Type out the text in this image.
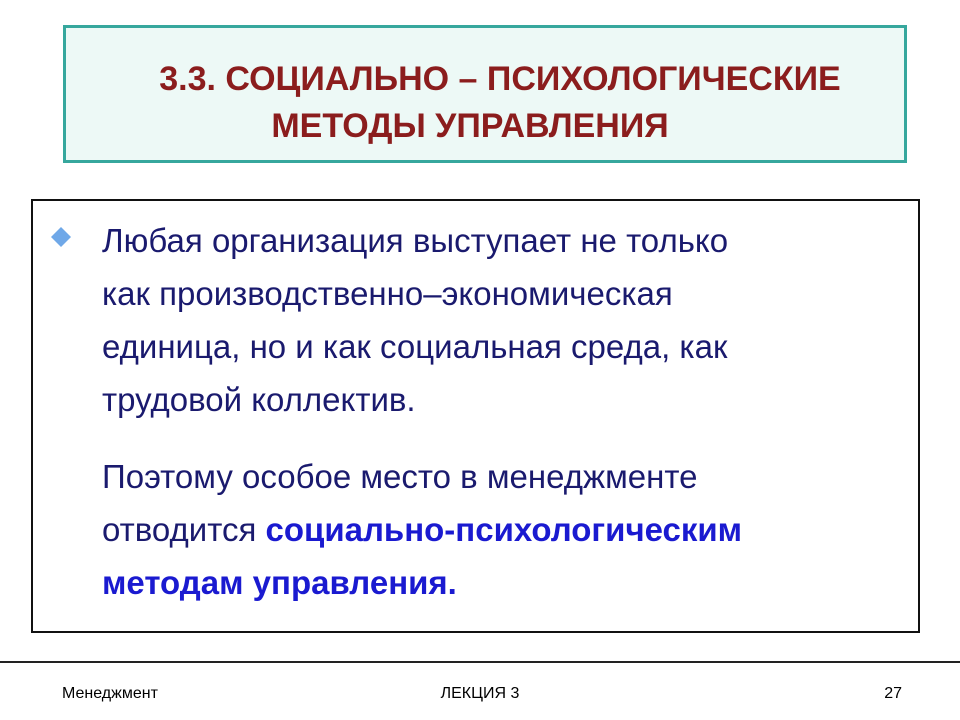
3.3. СОЦИАЛЬНО – ПСИХОЛОГИЧЕСКИЕ
МЕТОДЫ УПРАВЛЕНИЯ
Любая организация выступает не только
как производственно–экономическая
единица, но и как социальная среда, как
трудовой коллектив.
Поэтому особое место в менеджменте
отводится социально-психологическим
методам управления.
Менеджмент	ЛЕКЦИЯ 3	27
